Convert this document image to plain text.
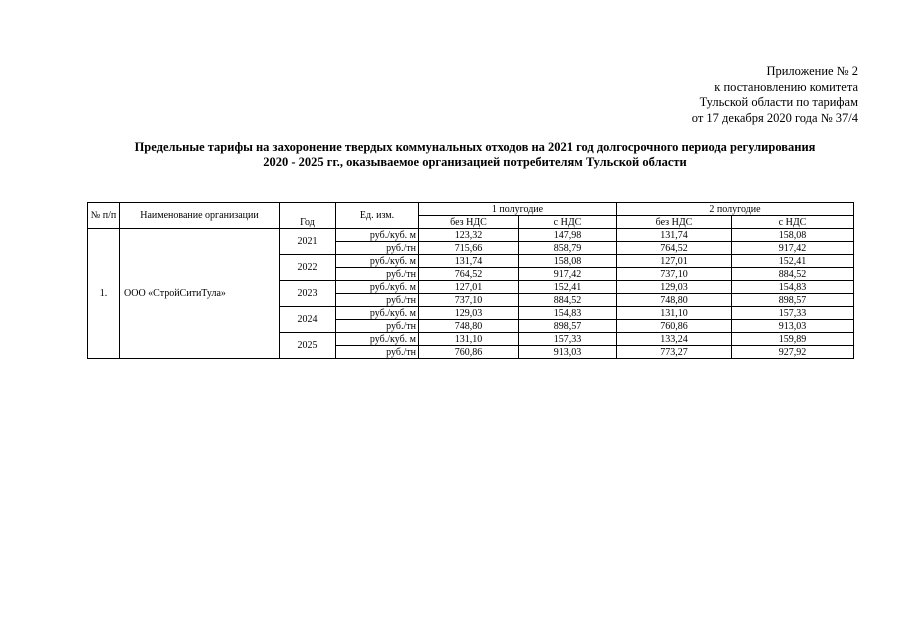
Приложение № 2
к постановлению комитета
Тульской области по тарифам
от 17 декабря 2020 года № 37/4
Предельные тарифы на захоронение твердых коммунальных отходов на 2021 год долгосрочного периода регулирования
2020 - 2025 гг., оказываемое организацией потребителям Тульской области
№ п/п	Наименование организации	Год	Ед. изм.	1 полугодие		2 полугодие	
				без НДС	с НДС	без НДС	с НДС
1.	ООО «СтройСитиТула»	2021	руб./куб. м	123,32	147,98	131,74	158,08
			руб./тн	715,66	858,79	764,52	917,42
		2022	руб./куб. м	131,74	158,08	127,01	152,41
			руб./тн	764,52	917,42	737,10	884,52
		2023	руб./куб. м	127,01	152,41	129,03	154,83
			руб./тн	737,10	884,52	748,80	898,57
		2024	руб./куб. м	129,03	154,83	131,10	157,33
			руб./тн	748,80	898,57	760,86	913,03
		2025	руб./куб. м	131,10	157,33	133,24	159,89
			руб./тн	760,86	913,03	773,27	927,92
